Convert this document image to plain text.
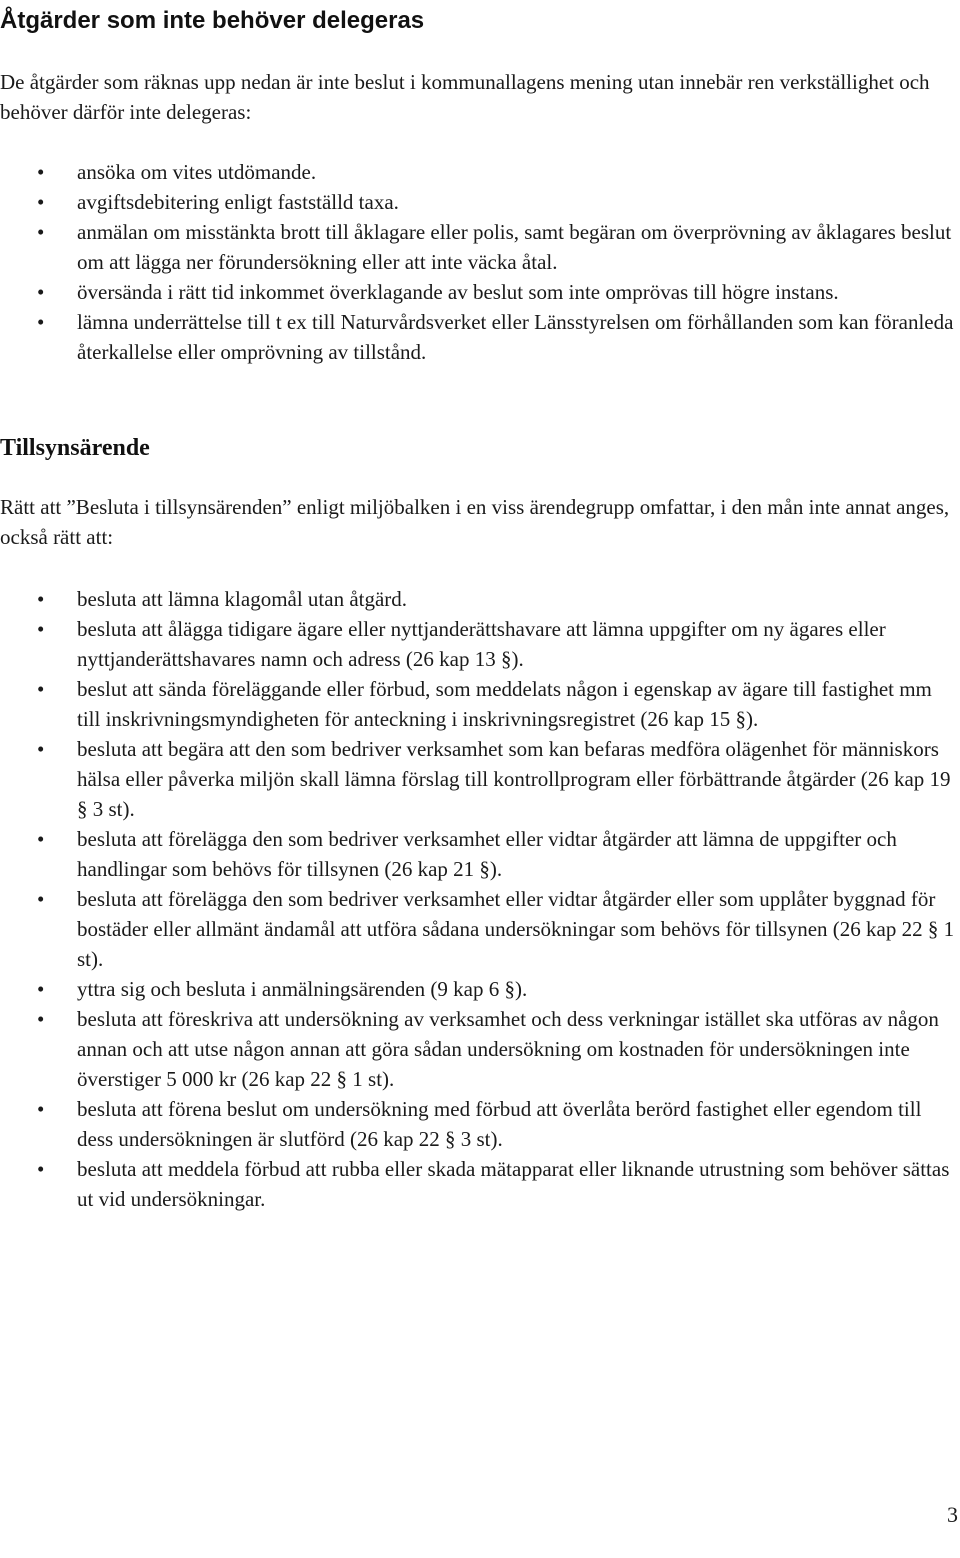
Åtgärder som inte behöver delegeras

De åtgärder som räknas upp nedan är inte beslut i kommunallagens mening utan innebär ren verkställighet och behöver därför inte delegeras:

•	ansöka om vites utdömande.
•	avgiftsdebitering enligt fastställd taxa.
•	anmälan om misstänkta brott till åklagare eller polis, samt begäran om överprövning av åklagares beslut om att lägga ner förundersökning eller att inte väcka åtal.
•	översända i rätt tid inkommet överklagande av beslut som inte omprövas till högre instans.
•	lämna underrättelse till t ex till Naturvårdsverket eller Länsstyrelsen om förhållanden som kan föranleda återkallelse eller omprövning av tillstånd.
Tillsynsärende

Rätt att ”Besluta i tillsynsärenden” enligt miljöbalken i en viss ärendegrupp omfattar, i den mån inte annat anges, också rätt att:

•	besluta att lämna klagomål utan åtgärd.
•	besluta att ålägga tidigare ägare eller nyttjanderättshavare att lämna uppgifter om ny ägares eller nyttjanderättshavares namn och adress (26 kap 13 §).
•	beslut att sända föreläggande eller förbud, som meddelats någon i egenskap av ägare till fastighet mm till inskrivningsmyndigheten för anteckning i inskrivningsregistret (26 kap 15 §).
•	besluta att begära att den som bedriver verksamhet som kan befaras medföra olägenhet för människors hälsa eller påverka miljön skall lämna förslag till kontrollprogram eller förbättrande åtgärder (26 kap 19 § 3 st).
•	besluta att förelägga den som bedriver verksamhet eller vidtar åtgärder att lämna de uppgifter och handlingar som behövs för tillsynen (26 kap 21 §).
•	besluta att förelägga den som bedriver verksamhet eller vidtar åtgärder eller som upplåter byggnad för bostäder eller allmänt ändamål att utföra sådana undersökningar som behövs för tillsynen (26 kap 22 § 1 st).
•	yttra sig och besluta i anmälningsärenden (9 kap 6 §).
•	besluta att föreskriva att undersökning av verksamhet och dess verkningar istället ska utföras av någon annan och att utse någon annan att göra sådan undersökning om kostnaden för undersökningen inte överstiger 5 000 kr (26 kap 22 § 1 st).
•	besluta att förena beslut om undersökning med förbud att överlåta berörd fastighet eller egendom till dess undersökningen är slutförd (26 kap 22 § 3 st).
•	besluta att meddela förbud att rubba eller skada mätapparat eller liknande utrustning som behöver sättas ut vid undersökningar.
3
